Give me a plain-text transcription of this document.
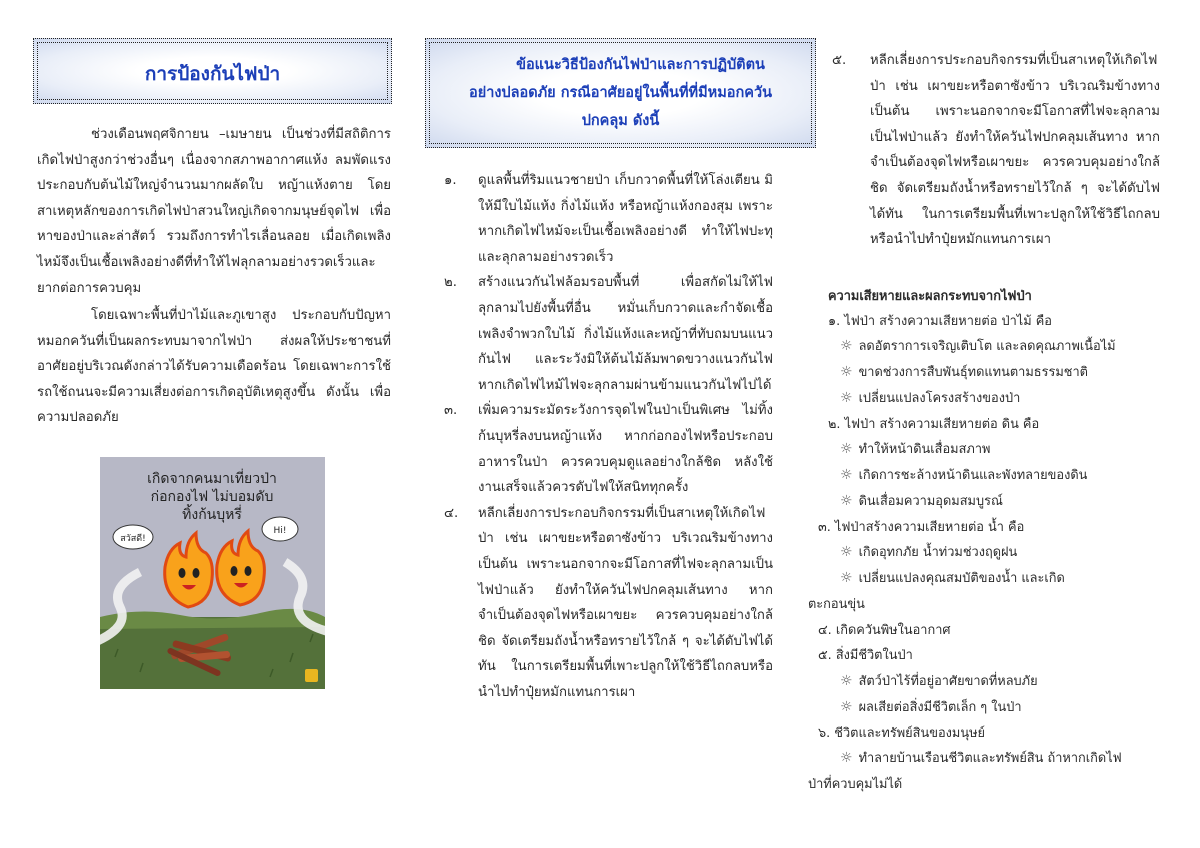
การป้องกันไฟป่า

ช่วงเดือนพฤศจิกายน –เมษายน เป็นช่วงที่มีสถิติการเกิดไฟป่าสูงกว่าช่วงอื่นๆ เนื่องจากสภาพอากาศแห้ง ลมพัดแรง ประกอบกับต้นไม้ใหญ่จำนวนมากผลัดใบ หญ้าแห้งตาย โดยสาเหตุหลักของการเกิดไฟป่าสวนใหญ่เกิดจากมนุษย์จุดไฟ เพื่อหาของป่าและล่าสัตว์ รวมถึงการทำไรเลื่อนลอย เมื่อเกิดเพลิงไหม้จึงเป็นเชื้อเพลิงอย่างดีที่ทำให้ไฟลุกลามอย่างรวดเร็วและยากต่อการควบคุม

โดยเฉพาะพื้นที่ป่าไม้และภูเขาสูง ประกอบกับปัญหาหมอกควันที่เป็นผลกระทบมาจากไฟป่า ส่งผลให้ประชาชนที่อาศัยอยู่บริเวณดังกล่าวได้รับความเดือดร้อน โดยเฉพาะการใช้รถใช้ถนนจะมีความเสี่ยงต่อการเกิดอุบัติเหตุสูงขึ้น ดังนั้น เพื่อความปลอดภัย

สวัสดี!
Hi!
เกิดจากคนมาเที่ยวป่า
ก่อกองไฟ ไม่บอมดับ
ทิ้งก้นบุหรี่
ข้อแนะวิธีป้องกันไฟป่าและการปฏิบัติตน
อย่างปลอดภัย กรณีอาศัยอยู่ในพื้นที่ที่มีหมอกควัน
ปกคลุม ดังนี้
๑. ดูแลพื้นที่ริมแนวชายป่า เก็บกวาดพื้นที่ให้โล่งเตียน มิให้มีใบไม้แห้ง กิ่งไม้แห้ง หรือหญ้าแห้งกองสุม เพราะหากเกิดไฟไหม้จะเป็นเชื้อเพลิงอย่างดี ทำให้ไฟปะทุและลุกลามอย่างรวดเร็ว
๒. สร้างแนวกันไฟล้อมรอบพื้นที่ เพื่อสกัดไม่ให้ไฟลุกลามไปยังพื้นที่อื่น หมั่นเก็บกวาดและกำจัดเชื้อเพลิงจำพวกใบไม้ กิ่งไม้แห้งและหญ้าที่ทับถมบนแนวกันไฟ และระวังมิให้ต้นไม้ล้มพาดขวางแนวกันไฟ หากเกิดไฟไหม้ไฟจะลุกลามผ่านข้ามแนวกันไฟไปได้
๓. เพิ่มความระมัดระวังการจุดไฟในป่าเป็นพิเศษ ไม่ทิ้งก้นบุหรี่ลงบนหญ้าแห้ง หากก่อกองไฟหรือประกอบอาหารในป่า ควรควบคุมดูแลอย่างใกล้ชิด หลังใช้งานเสร็จแล้วควรดับไฟให้สนิททุกครั้ง
๔. หลีกเลี่ยงการประกอบกิจกรรมที่เป็นสาเหตุให้เกิดไฟป่า เช่น เผาขยะหรือตาซังข้าว บริเวณริมข้างทาง เป็นต้น เพราะนอกจากจะมีโอกาสที่ไฟจะลุกลามเป็นไฟป่าแล้ว ยังทำให้ควันไฟปกคลุมเส้นทาง หากจำเป็นต้องจุดไฟหรือเผาขยะ ควรควบคุมอย่างใกล้ชิด จัดเตรียมถังน้ำหรือทรายไว้ใกล้ ๆ จะได้ดับไฟได้ทัน ในการเตรียมพื้นที่เพาะปลูกให้ใช้วิธีไถกลบหรือนำไปทำปุ๋ยหมักแทนการเผา
๕. หลีกเลี่ยงการประกอบกิจกรรมที่เป็นสาเหตุให้เกิดไฟป่า เช่น เผาขยะหรือตาซังข้าว บริเวณริมข้างทาง เป็นต้น เพราะนอกจากจะมีโอกาสที่ไฟจะลุกลามเป็นไฟป่าแล้ว ยังทำให้ควันไฟปกคลุมเส้นทาง หากจำเป็นต้องจุดไฟหรือเผาขยะ ควรควบคุมอย่างใกล้ชิด จัดเตรียมถังน้ำหรือทรายไว้ใกล้ ๆ จะได้ดับไฟได้ทัน ในการเตรียมพื้นที่เพาะปลูกให้ใช้วิธีไถกลบหรือนำไปทำปุ๋ยหมักแทนการเผา
ความเสียหายและผลกระทบจากไฟป่า
๑. ไฟป่า สร้างความเสียหายต่อ ป่าไม้ คือ
☼ ลดอัตราการเจริญเติบโต และลดคุณภาพเนื้อไม้
☼ ขาดช่วงการสืบพันธุ์ทดแทนตามธรรมชาติ
☼ เปลี่ยนแปลงโครงสร้างของป่า
๒. ไฟป่า สร้างความเสียหายต่อ ดิน คือ
☼ ทำให้หน้าดินเสื่อมสภาพ
☼ เกิดการชะล้างหน้าดินและพังทลายของดิน
☼ ดินเสื่อมความอุดมสมบูรณ์
๓. ไฟป่าสร้างความเสียหายต่อ น้ำ คือ
☼ เกิดอุทกภัย น้ำท่วมช่วงฤดูฝน
☼ เปลี่ยนแปลงคุณสมบัติของน้ำ และเกิด
ตะกอนขุ่น
๔. เกิดควันพิษในอากาศ
๕. สิ่งมีชีวิตในป่า
☼ สัตว์ป่าไร้ที่อยู่อาศัยขาดที่หลบภัย
☼ ผลเสียต่อสิ่งมีชีวิตเล็ก ๆ ในป่า
๖. ชีวิตและทรัพย์สินของมนุษย์
☼ ทำลายบ้านเรือนชีวิตและทรัพย์สิน ถ้าหากเกิดไฟ
ป่าที่ควบคุมไม่ได้
